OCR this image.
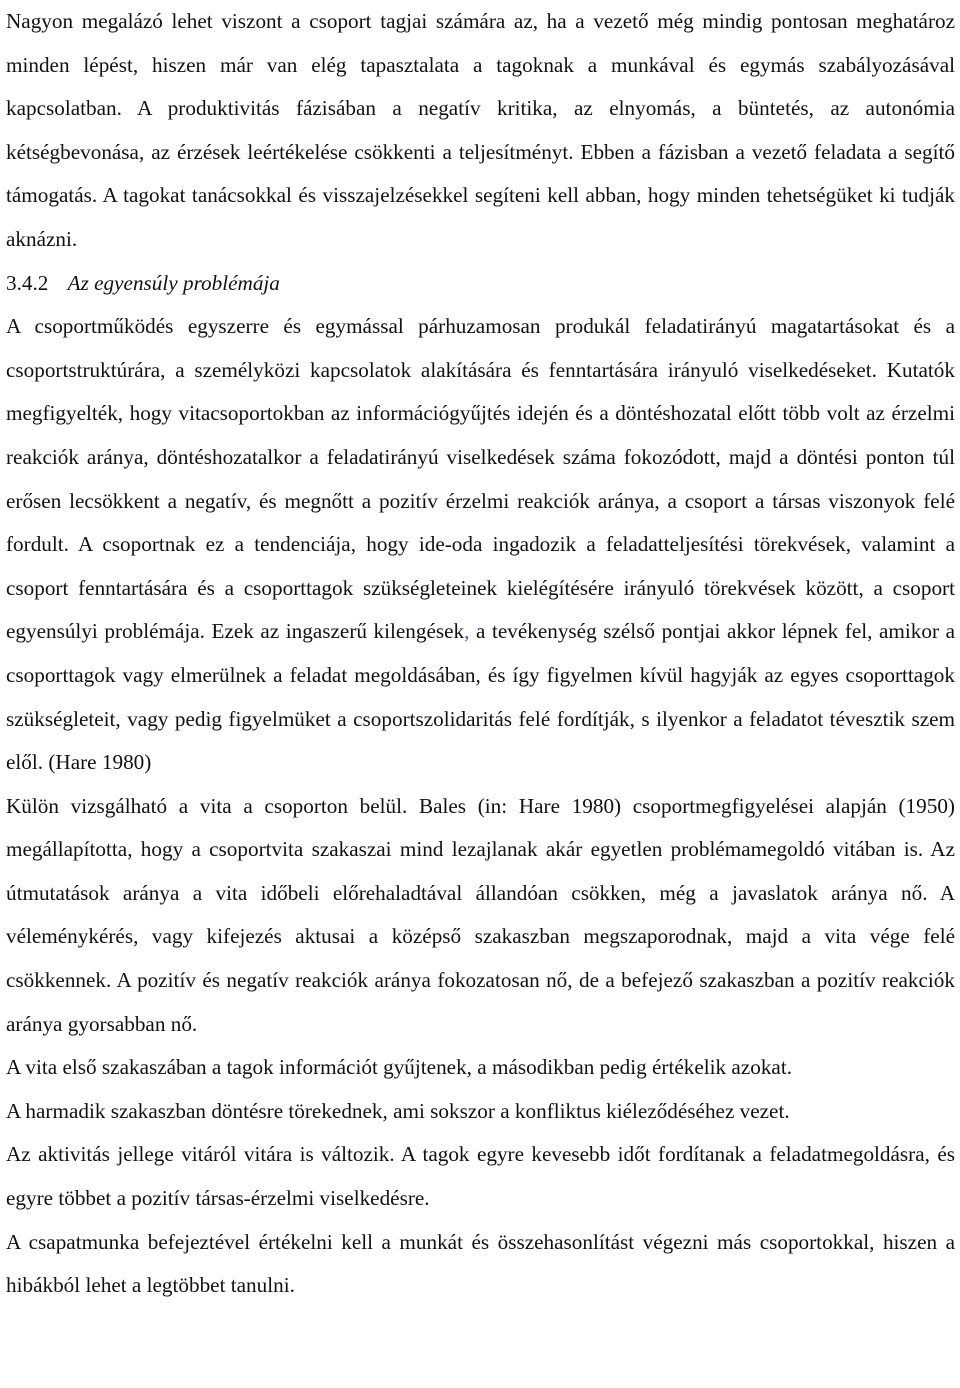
Nagyon megalázó lehet viszont a csoport tagjai számára az, ha a vezető még mindig pontosan meghatároz minden lépést, hiszen már van elég tapasztalata a tagoknak a munkával és egymás szabályozásával kapcsolatban. A produktivitás fázisában a negatív kritika, az elnyomás, a büntetés, az autonómia kétségbevonása, az érzések leértékelése csökkenti a teljesítményt. Ebben a fázisban a vezető feladata a segítő támogatás. A tagokat tanácsokkal és visszajelzésekkel segíteni kell abban, hogy minden tehetségüket ki tudják aknázni.

3.4.2 Az egyensúly problémája

A csoportműködés egyszerre és egymással párhuzamosan produkál feladatirányú magatartásokat és a csoportstruktúrára, a személyközi kapcsolatok alakítására és fenntartására irányuló viselkedéseket. Kutatók megfigyelték, hogy vitacsoportokban az információgyűjtés idején és a döntéshozatal előtt több volt az érzelmi reakciók aránya, döntéshozatalkor a feladatirányú viselkedések száma fokozódott, majd a döntési ponton túl erősen lecsökkent a negatív, és megnőtt a pozitív érzelmi reakciók aránya, a csoport a társas viszonyok felé fordult. A csoportnak ez a tendenciája, hogy ide-oda ingadozik a feladatteljesítési törekvések, valamint a csoport fenntartására és a csoporttagok szükségleteinek kielégítésére irányuló törekvések között, a csoport egyensúlyi problémája. Ezek az ingaszerű kilengések, a tevékenység szélső pontjai akkor lépnek fel, amikor a csoporttagok vagy elmerülnek a feladat megoldásában, és így figyelmen kívül hagyják az egyes csoporttagok szükségleteit, vagy pedig figyelmüket a csoportszolidaritás felé fordítják, s ilyenkor a feladatot tévesztik szem elől. (Hare 1980)

Külön vizsgálható a vita a csoporton belül. Bales (in: Hare 1980) csoportmegfigyelései alapján (1950) megállapította, hogy a csoportvita szakaszai mind lezajlanak akár egyetlen problémamegoldó vitában is. Az útmutatások aránya a vita időbeli előrehaladtával állandóan csökken, még a javaslatok aránya nő. A véleménykérés, vagy kifejezés aktusai a középső szakaszban megszaporodnak, majd a vita vége felé csökkennek. A pozitív és negatív reakciók aránya fokozatosan nő, de a befejező szakaszban a pozitív reakciók aránya gyorsabban nő.

A vita első szakaszában a tagok információt gyűjtenek, a másodikban pedig értékelik azokat.

A harmadik szakaszban döntésre törekednek, ami sokszor a konfliktus kiéleződéséhez vezet.

Az aktivitás jellege vitáról vitára is változik. A tagok egyre kevesebb időt fordítanak a feladatmegoldásra, és egyre többet a pozitív társas-érzelmi viselkedésre.

A csapatmunka befejeztével értékelni kell a munkát és összehasonlítást végezni más csoportokkal, hiszen a hibákból lehet a legtöbbet tanulni.
